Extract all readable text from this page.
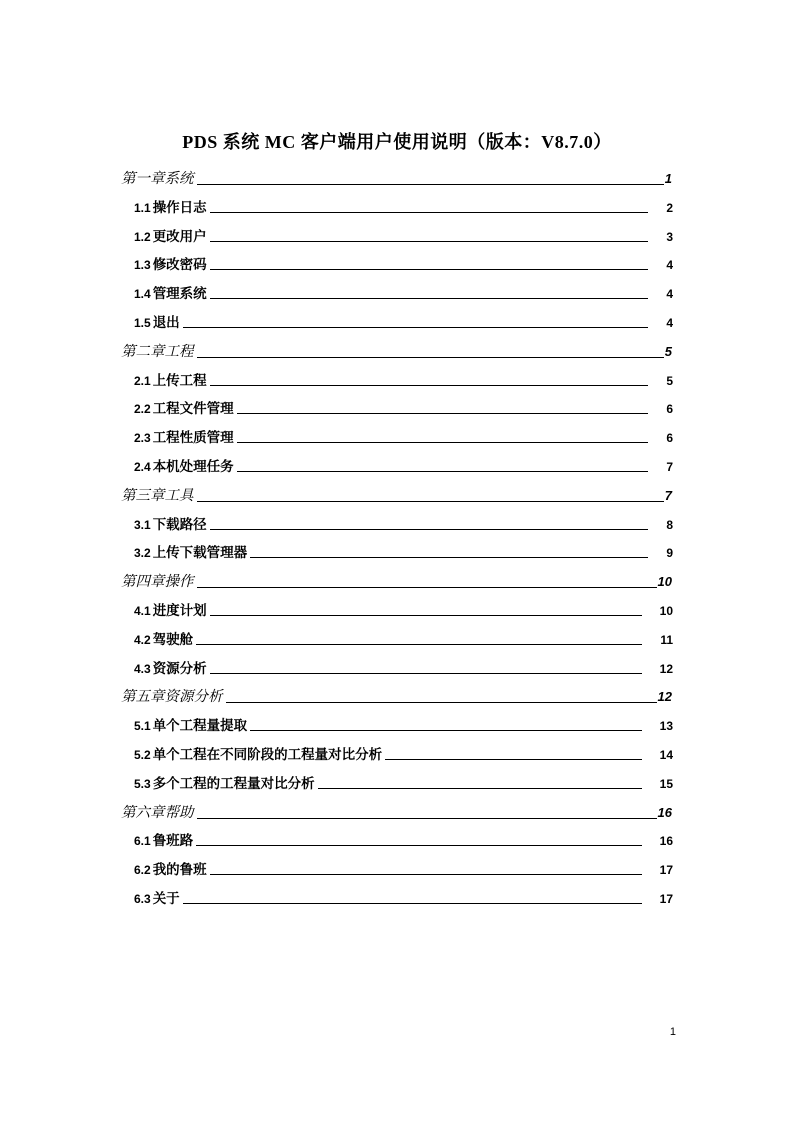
PDS 系统 MC 客户端用户使用说明（版本：V8.7.0）
第一章系统	1
1.1 操作日志	2
1.2 更改用户	3
1.3 修改密码	4
1.4 管理系统	4
1.5 退出	4
第二章工程	5
2.1 上传工程	5
2.2 工程文件管理	6
2.3 工程性质管理	6
2.4 本机处理任务	7
第三章工具	7
3.1 下载路径	8
3.2 上传下载管理器	9
第四章操作	10
4.1 进度计划	10
4.2 驾驶舱	11
4.3 资源分析	12
第五章资源分析	12
5.1 单个工程量提取	13
5.2 单个工程在不同阶段的工程量对比分析	14
5.3 多个工程的工程量对比分析	15
第六章帮助	16
6.1 鲁班路	16
6.2 我的鲁班	17
6.3 关于	17
1
